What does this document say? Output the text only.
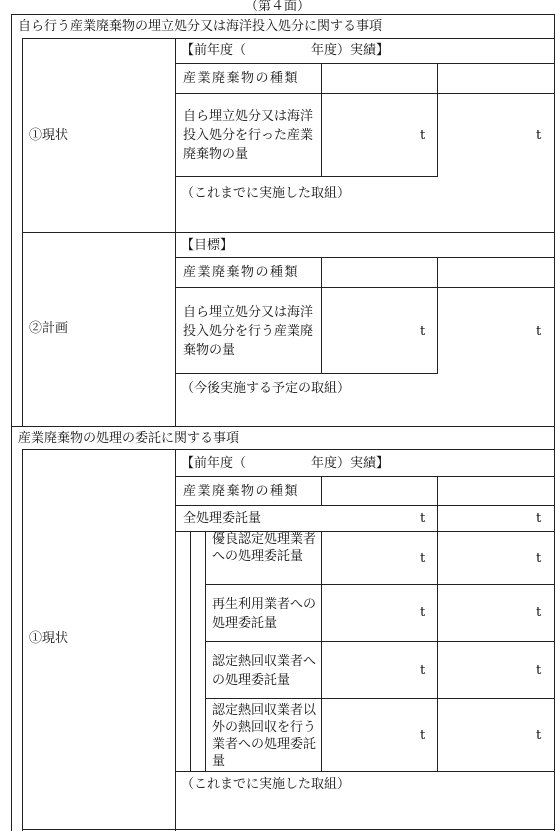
（第４面）
自ら行う産業廃棄物の埋立処分又は海洋投入処分に関する事項
①現状
【前年度（　　　　　年度）実績】
産業廃棄物の種類
自ら埋立処分又は海洋投入処分を行った産業廃棄物の量
t	t
（これまでに実施した取組）
②計画
【目標】
産業廃棄物の種類
自ら埋立処分又は海洋投入処分を行う産業廃棄物の量
t	t
（今後実施する予定の取組）
産業廃棄物の処理の委託に関する事項
①現状
【前年度（　　　　　年度）実績】
産業廃棄物の種類
全処理委託量	t	t
優良認定処理業者への処理委託量	t	t
再生利用業者への処理委託量
t	t
認定熱回収業者への処理委託量
t	t
認定熱回収業者以外の熱回収を行う業者への処理委託量
t	t
（これまでに実施した取組）
